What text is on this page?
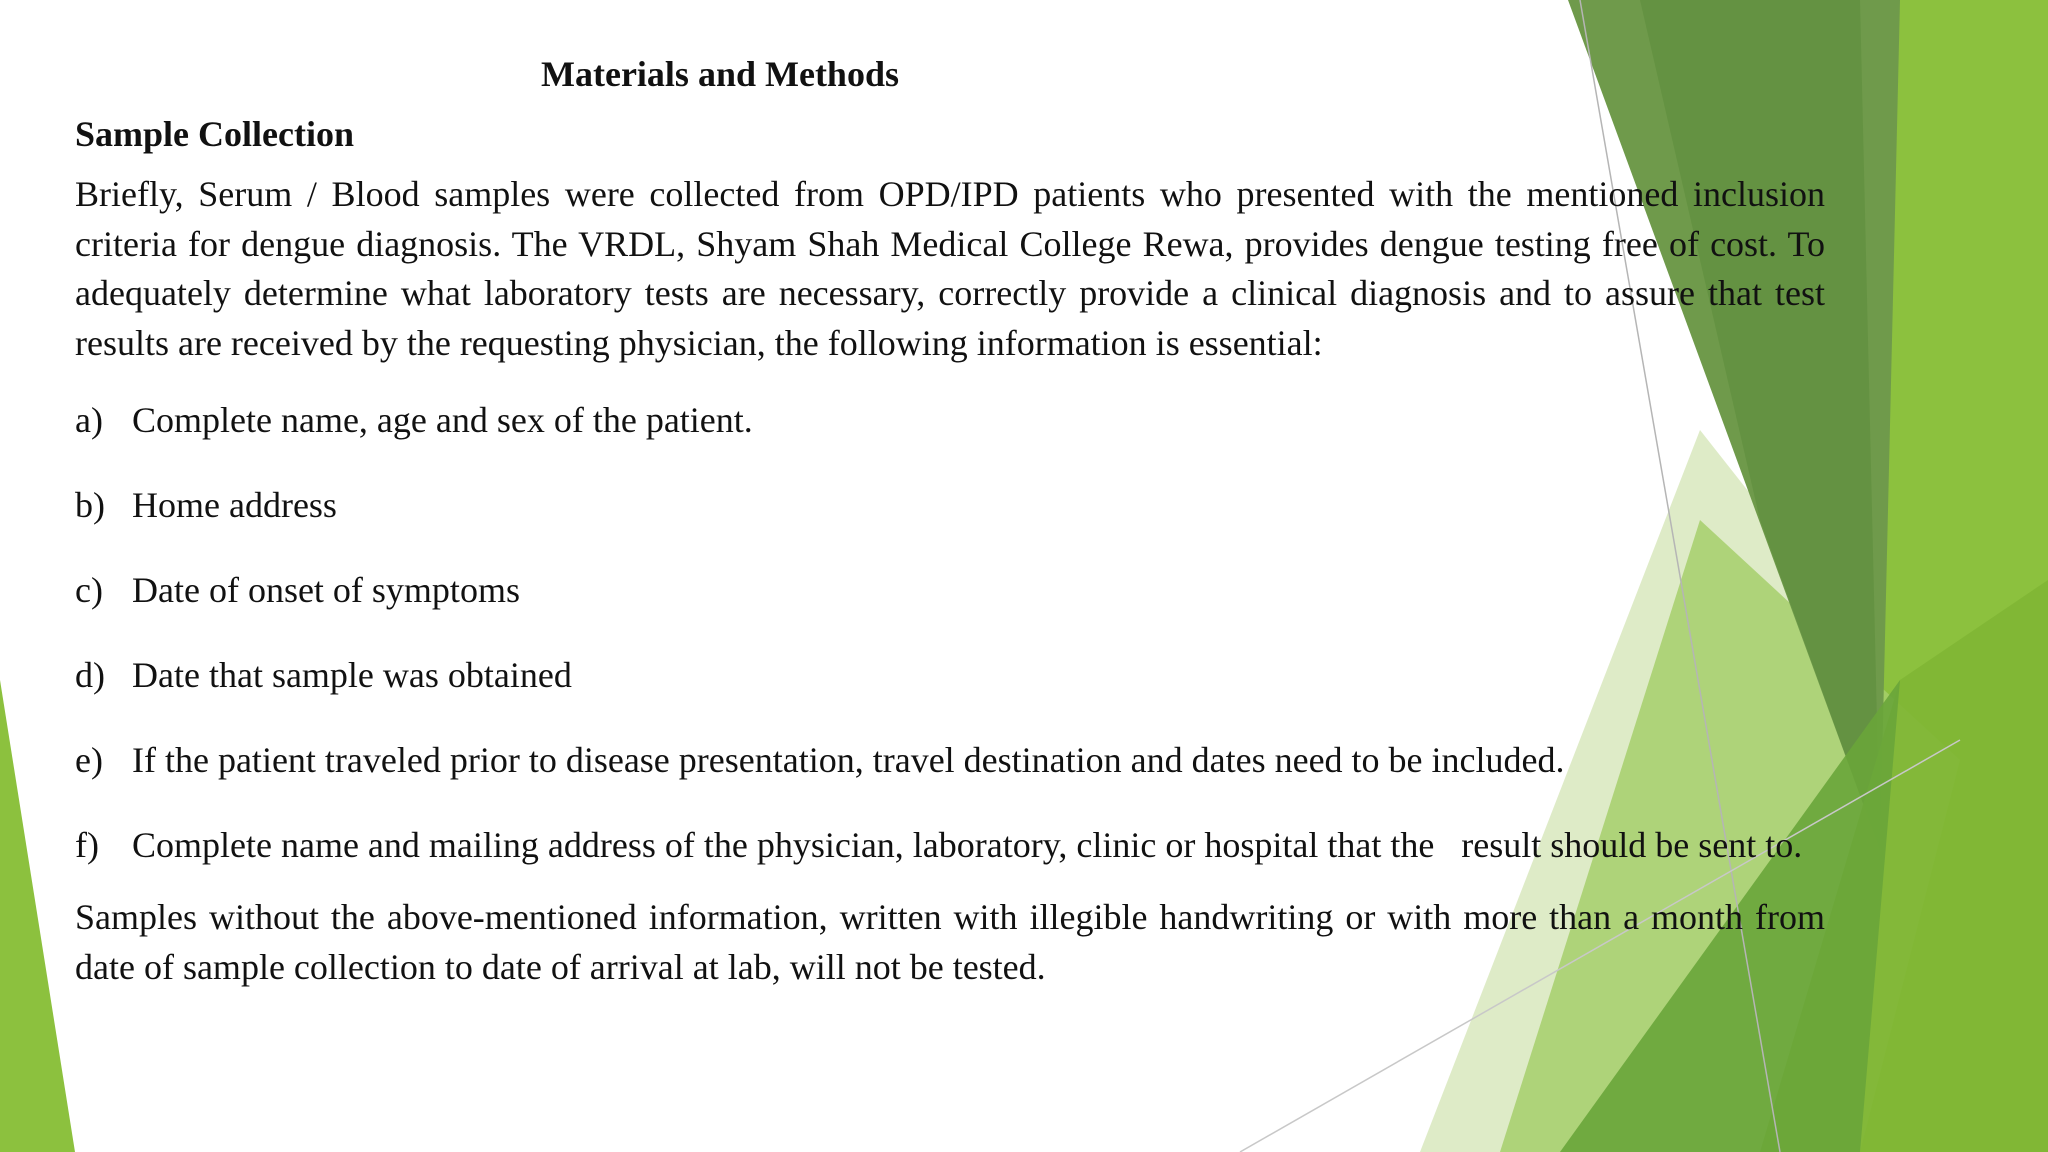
Materials and Methods
Sample Collection

Briefly, Serum / Blood samples were collected from OPD/IPD patients who presented with the mentioned inclusion criteria for dengue diagnosis. The VRDL, Shyam Shah Medical College Rewa, provides dengue testing free of cost. To adequately determine what laboratory tests are necessary, correctly provide a clinical diagnosis and to assure that test results are received by the requesting physician, the following information is essential:

a) Complete name, age and sex of the patient.
b) Home address
c) Date of onset of symptoms
d) Date that sample was obtained
e) If the patient traveled prior to disease presentation, travel destination and dates need to be included.
f) Complete name and mailing address of the physician, laboratory, clinic or hospital that the   result should be sent to.

Samples without the above-mentioned information, written with illegible handwriting or with more than a month from date of sample collection to date of arrival at lab, will not be tested.
